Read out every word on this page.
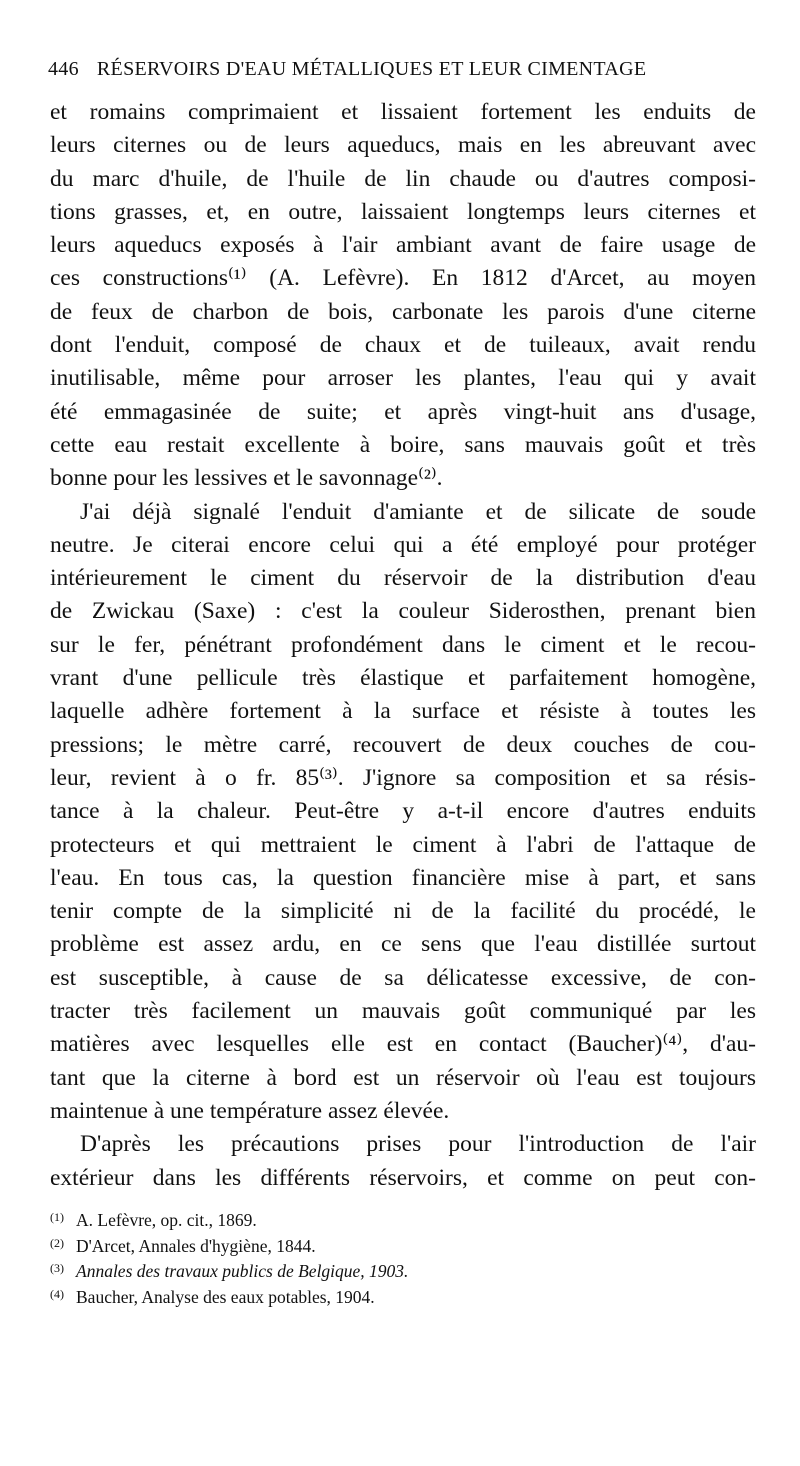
446 RÉSERVOIRS D'EAU MÉTALLIQUES ET LEUR CIMENTAGE
et romains comprimaient et lissaient fortement les enduits de
leurs citernes ou de leurs aqueducs, mais en les abreuvant avec
du marc d'huile, de l'huile de lin chaude ou d'autres composi-
tions grasses, et, en outre, laissaient longtemps leurs citernes et
leurs aqueducs exposés à l'air ambiant avant de faire usage de
ces constructions⁽¹⁾ (A. Lefèvre). En 1812 d'Arcet, au moyen
de feux de charbon de bois, carbonate les parois d'une citerne
dont l'enduit, composé de chaux et de tuileaux, avait rendu
inutilisable, même pour arroser les plantes, l'eau qui y avait
été emmagasinée de suite; et après vingt-huit ans d'usage,
cette eau restait excellente à boire, sans mauvais goût et très
bonne pour les lessives et le savonnage⁽²⁾.
J'ai déjà signalé l'enduit d'amiante et de silicate de soude
neutre. Je citerai encore celui qui a été employé pour protéger
intérieurement le ciment du réservoir de la distribution d'eau
de Zwickau (Saxe) : c'est la couleur Siderosthen, prenant bien
sur le fer, pénétrant profondément dans le ciment et le recou-
vrant d'une pellicule très élastique et parfaitement homogène,
laquelle adhère fortement à la surface et résiste à toutes les
pressions; le mètre carré, recouvert de deux couches de cou-
leur, revient à o fr. 85⁽³⁾. J'ignore sa composition et sa résis-
tance à la chaleur. Peut-être y a-t-il encore d'autres enduits
protecteurs et qui mettraient le ciment à l'abri de l'attaque de
l'eau. En tous cas, la question financière mise à part, et sans
tenir compte de la simplicité ni de la facilité du procédé, le
problème est assez ardu, en ce sens que l'eau distillée surtout
est susceptible, à cause de sa délicatesse excessive, de con-
tracter très facilement un mauvais goût communiqué par les
matières avec lesquelles elle est en contact (Baucher)⁽⁴⁾, d'au-
tant que la citerne à bord est un réservoir où l'eau est toujours
maintenue à une température assez élevée.
D'après les précautions prises pour l'introduction de l'air
extérieur dans les différents réservoirs, et comme on peut con-
(1) A. Lefèvre, op. cit., 1869.
(2) D'Arcet, Annales d'hygiène, 1844.
(3) Annales des travaux publics de Belgique, 1903.
(4) Baucher, Analyse des eaux potables, 1904.
